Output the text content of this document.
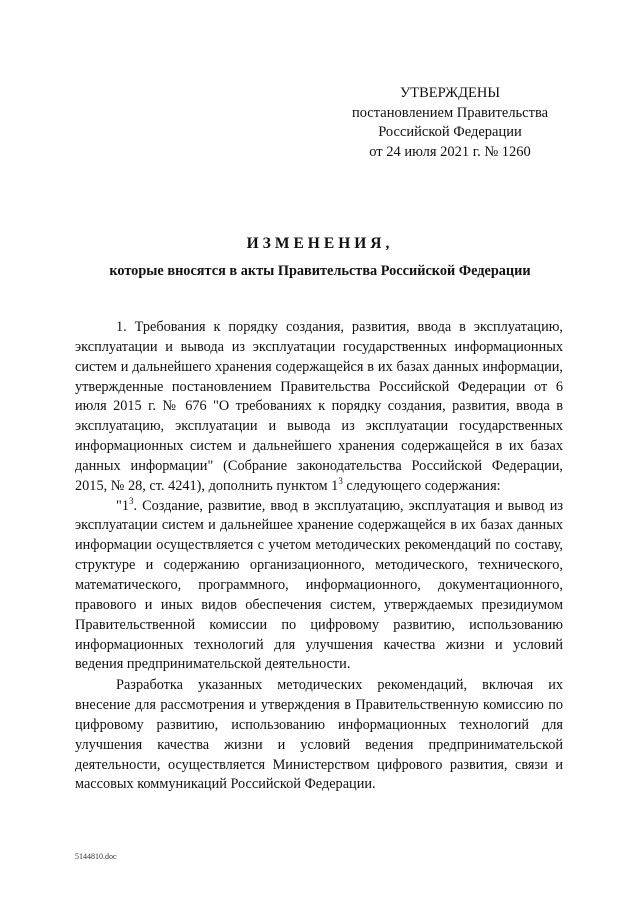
УТВЕРЖДЕНЫ
постановлением Правительства
Российской Федерации
от 24 июля 2021 г. № 1260
ИЗМЕНЕНИЯ,
которые вносятся в акты Правительства Российской Федерации

1. Требования к порядку создания, развития, ввода в эксплуатацию, эксплуатации и вывода из эксплуатации государственных информационных систем и дальнейшего хранения содержащейся в их базах данных информации, утвержденные постановлением Правительства Российской Федерации от 6 июля 2015 г. № 676 "О требованиях к порядку создания, развития, ввода в эксплуатацию, эксплуатации и вывода из эксплуатации государственных информационных систем и дальнейшего хранения содержащейся в их базах данных информации" (Собрание законодательства Российской Федерации, 2015, № 28, ст. 4241), дополнить пунктом $1^3$ следующего содержания:

"$1^3$. Создание, развитие, ввод в эксплуатацию, эксплуатация и вывод из эксплуатации систем и дальнейшее хранение содержащейся в их базах данных информации осуществляется с учетом методических рекомендаций по составу, структуре и содержанию организационного, методического, технического, математического, программного, информационного, документационного, правового и иных видов обеспечения систем, утверждаемых президиумом Правительственной комиссии по цифровому развитию, использованию информационных технологий для улучшения качества жизни и условий ведения предпринимательской деятельности.

Разработка указанных методических рекомендаций, включая их внесение для рассмотрения и утверждения в Правительственную комиссию по цифровому развитию, использованию информационных технологий для улучшения качества жизни и условий ведения предпринимательской деятельности, осуществляется Министерством цифрового развития, связи и массовых коммуникаций Российской Федерации.

5144810.doc
